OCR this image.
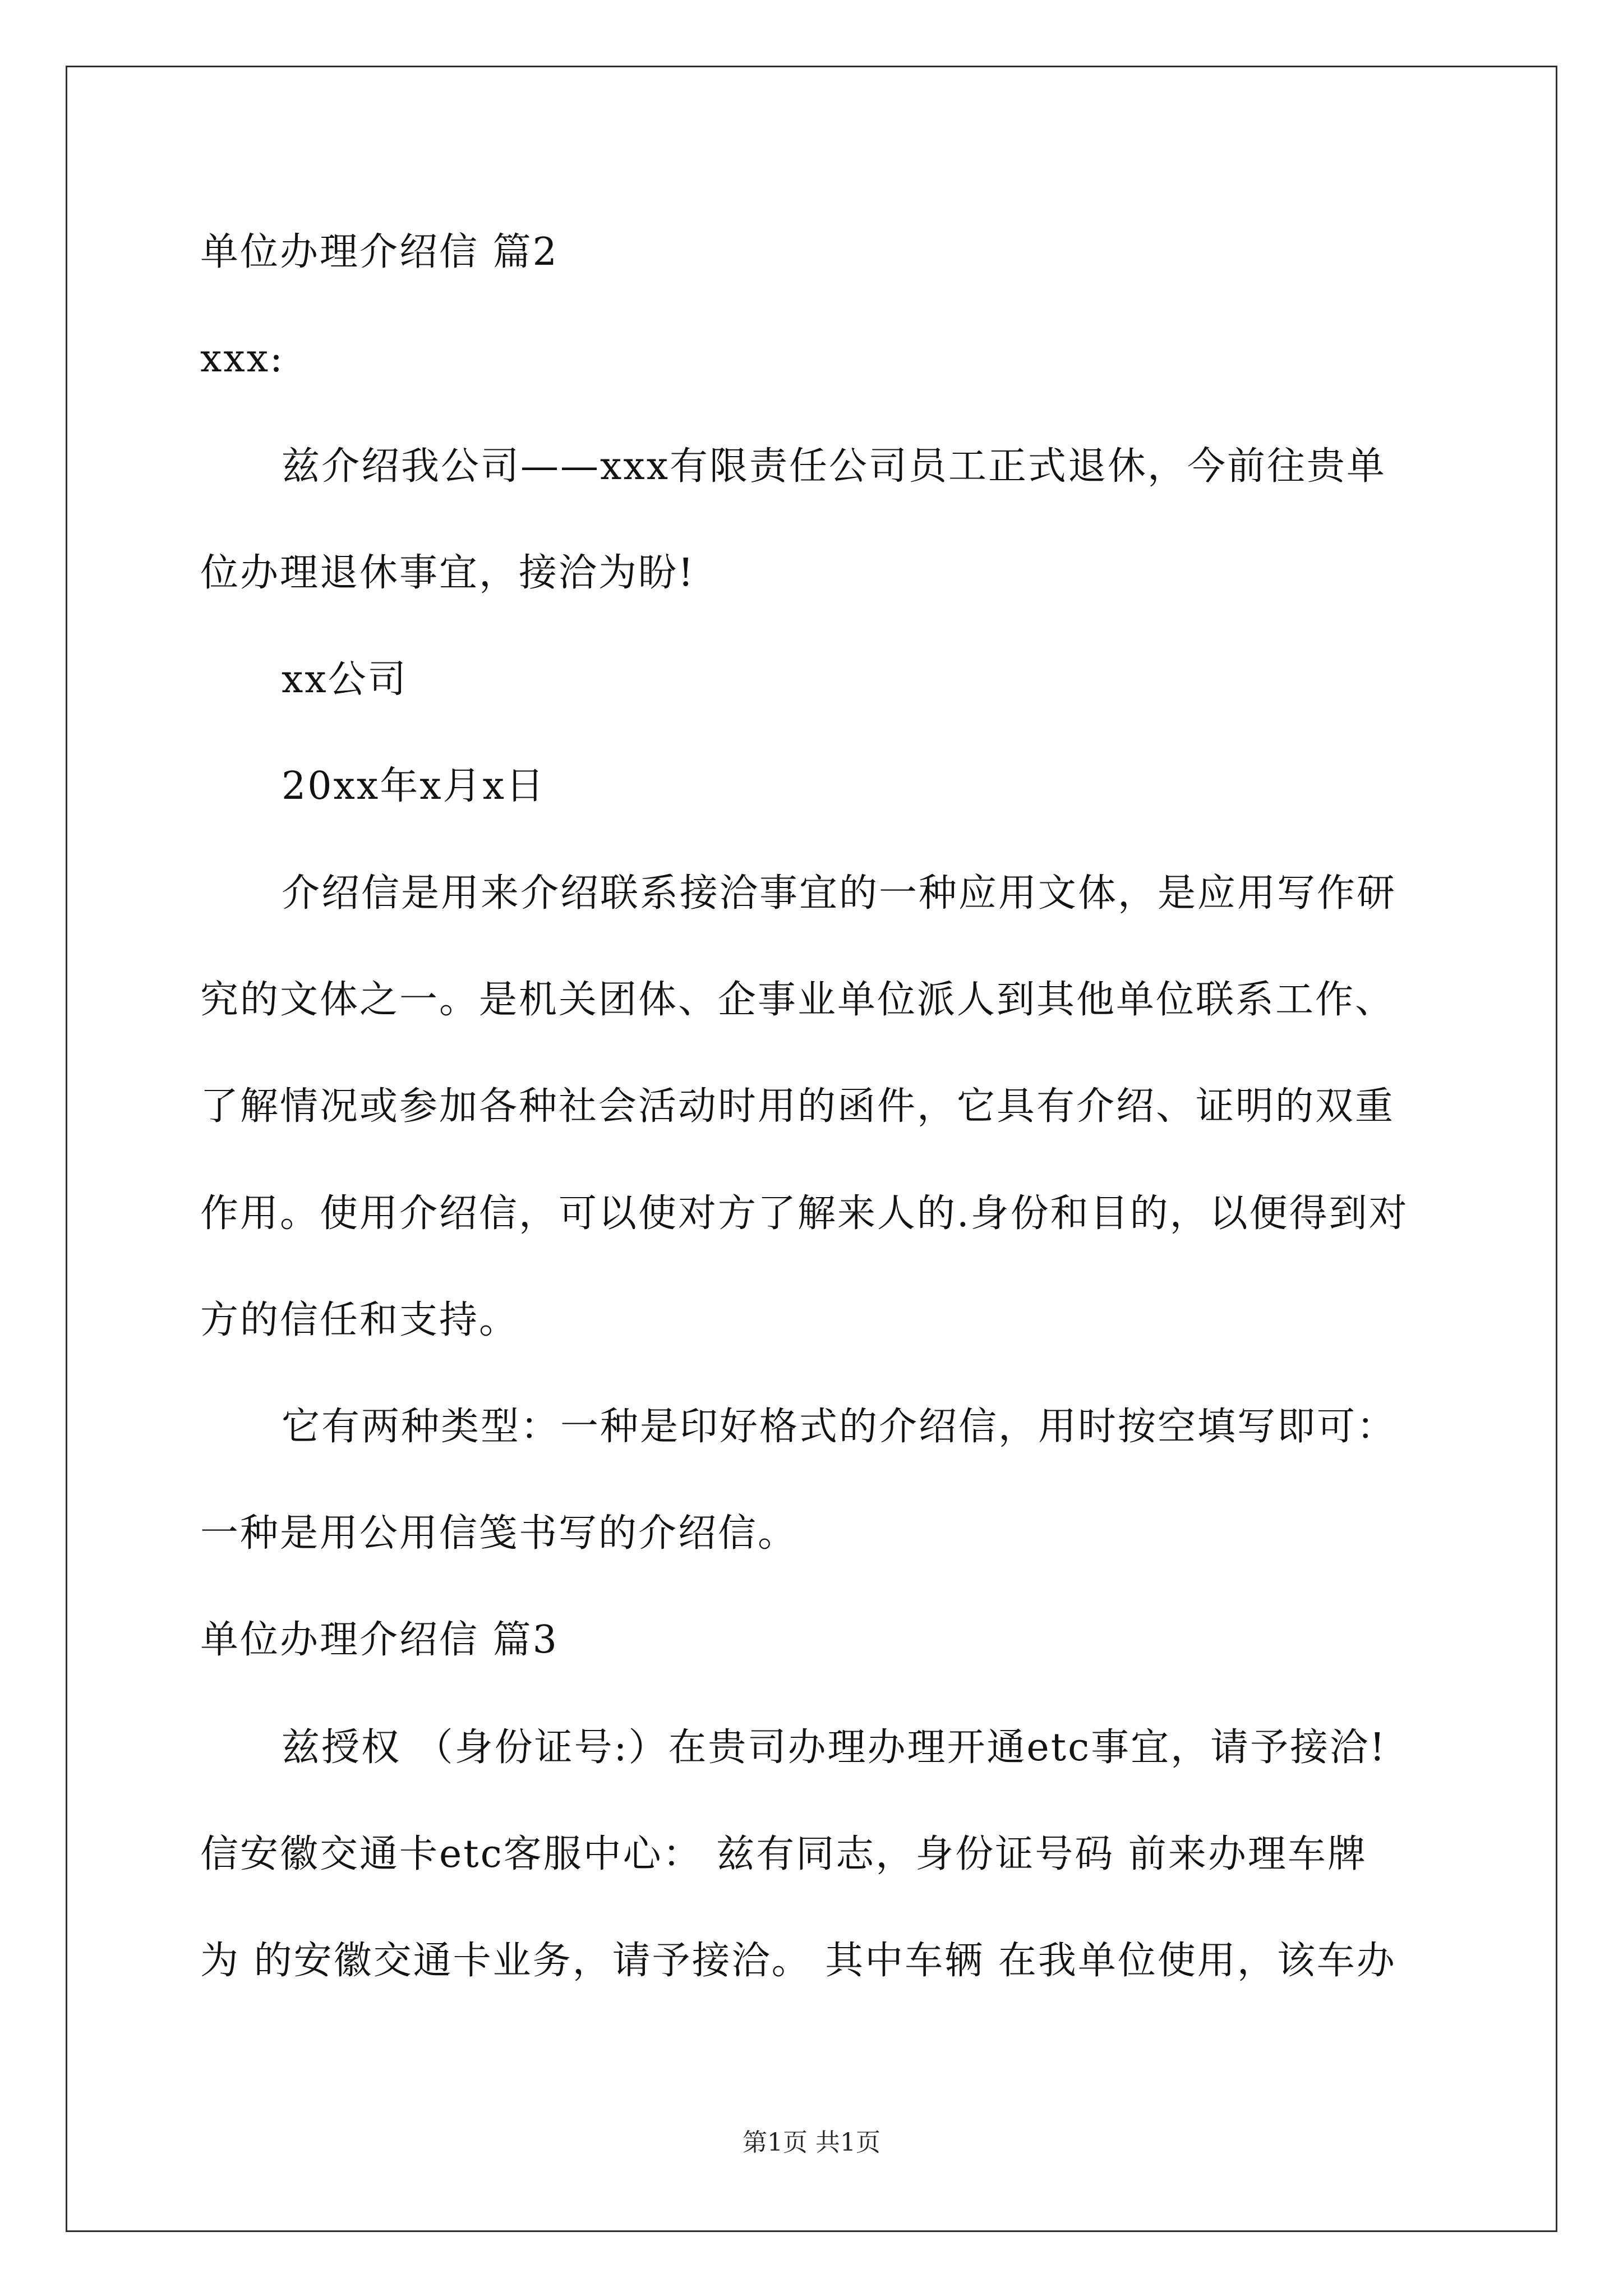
单位办理介绍信 篇2
xxx:
兹介绍我公司——xxx有限责任公司员工正式退休，今前往贵单
位办理退休事宜，接洽为盼!
xx公司
20xx年x月x日
介绍信是用来介绍联系接洽事宜的一种应用文体，是应用写作研
究的文体之一。是机关团体、企事业单位派人到其他单位联系工作、
了解情况或参加各种社会活动时用的函件，它具有介绍、证明的双重
作用。使用介绍信，可以使对方了解来人的.身份和目的，以便得到对
方的信任和支持。
它有两种类型：一种是印好格式的介绍信，用时按空填写即可：
一种是用公用信笺书写的介绍信。
单位办理介绍信 篇3
兹授权 （身份证号:）在贵司办理办理开通etc事宜，请予接洽!
信安徽交通卡etc客服中心： 兹有同志，身份证号码 前来办理车牌
为 的安徽交通卡业务，请予接洽。 其中车辆 在我单位使用，该车办
第1页 共1页
